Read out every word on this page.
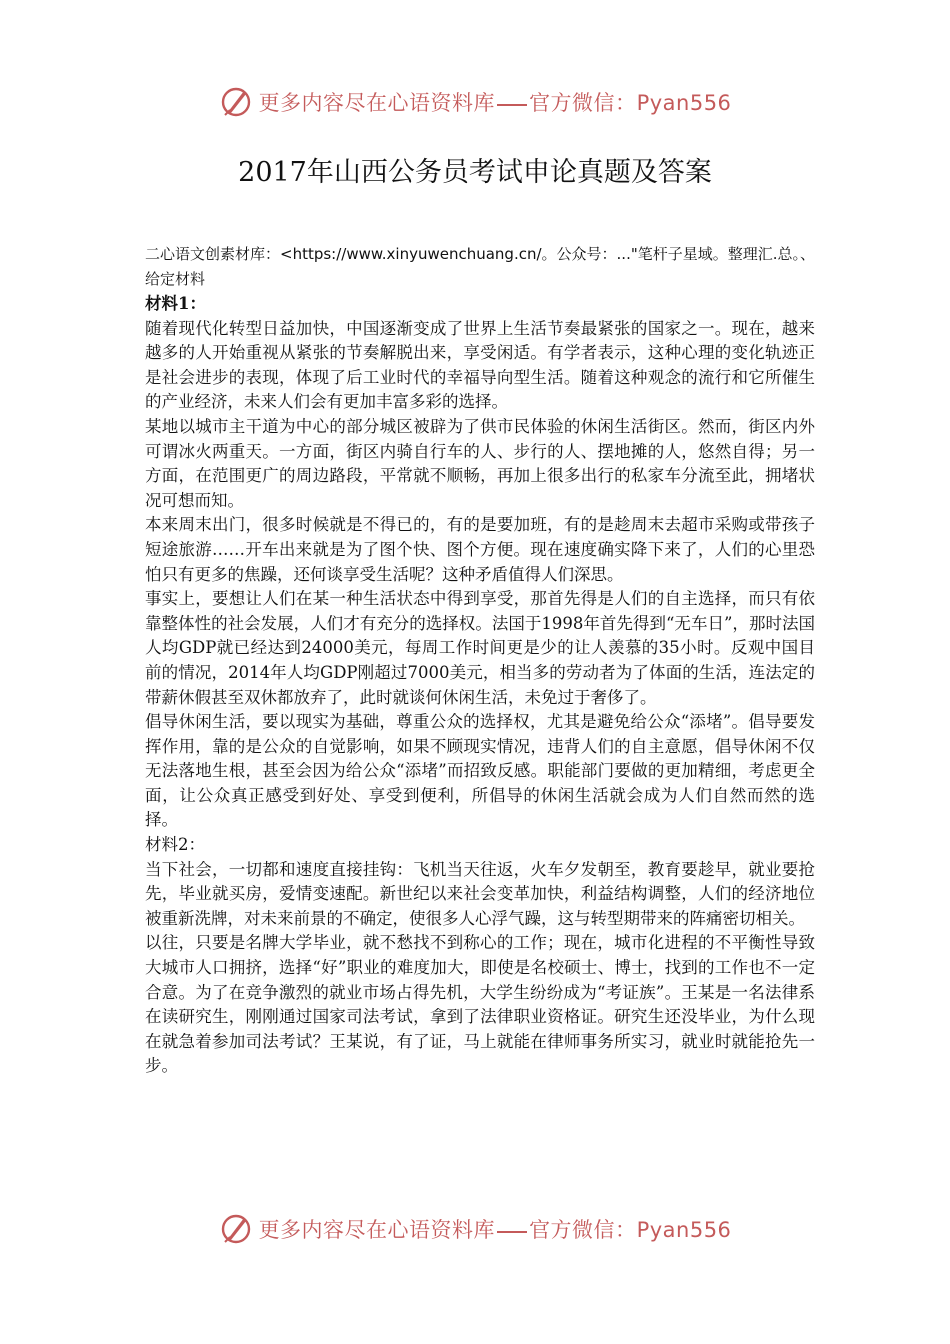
更多内容尽在心语资料库 官方微信：Pyan556
2017年山西公务员考试申论真题及答案
二心语文创素材库：<https://www.xinyuwenchuang.cn/。公众号：..."笔杆子星域。整理汇.总。、给定材料
材料1：

随着现代化转型日益加快，中国逐渐变成了世界上生活节奏最紧张的国家之一。现在，越来越多的人开始重视从紧张的节奏解脱出来，享受闲适。有学者表示，这种心理的变化轨迹正是社会进步的表现，体现了后工业时代的幸福导向型生活。随着这种观念的流行和它所催生的产业经济，未来人们会有更加丰富多彩的选择。

某地以城市主干道为中心的部分城区被辟为了供市民体验的休闲生活街区。然而，街区内外可谓冰火两重天。一方面，街区内骑自行车的人、步行的人、摆地摊的人，悠然自得；另一方面，在范围更广的周边路段，平常就不顺畅，再加上很多出行的私家车分流至此，拥堵状况可想而知。

本来周末出门，很多时候就是不得已的，有的是要加班，有的是趁周末去超市采购或带孩子短途旅游……开车出来就是为了图个快、图个方便。现在速度确实降下来了，人们的心里恐怕只有更多的焦躁，还何谈享受生活呢？这种矛盾值得人们深思。

事实上，要想让人们在某一种生活状态中得到享受，那首先得是人们的自主选择，而只有依靠整体性的社会发展，人们才有充分的选择权。法国于1998年首先得到“无车日”，那时法国人均GDP就已经达到24000美元，每周工作时间更是少的让人羡慕的35小时。反观中国目前的情况，2014年人均GDP刚超过7000美元，相当多的劳动者为了体面的生活，连法定的带薪休假甚至双休都放弃了，此时就谈何休闲生活，未免过于奢侈了。

倡导休闲生活，要以现实为基础，尊重公众的选择权，尤其是避免给公众“添堵”。倡导要发挥作用，靠的是公众的自觉影响，如果不顾现实情况，违背人们的自主意愿，倡导休闲不仅无法落地生根，甚至会因为给公众“添堵”而招致反感。职能部门要做的更加精细，考虑更全面，让公众真正感受到好处、享受到便利，所倡导的休闲生活就会成为人们自然而然的选择。

材料2：

当下社会，一切都和速度直接挂钩：飞机当天往返，火车夕发朝至，教育要趁早，就业要抢先，毕业就买房，爱情变速配。新世纪以来社会变革加快，利益结构调整，人们的经济地位被重新洗牌，对未来前景的不确定，使很多人心浮气躁，这与转型期带来的阵痛密切相关。

以往，只要是名牌大学毕业，就不愁找不到称心的工作；现在，城市化进程的不平衡性导致大城市人口拥挤，选择“好”职业的难度加大，即使是名校硕士、博士，找到的工作也不一定合意。为了在竞争激烈的就业市场占得先机，大学生纷纷成为“考证族”。王某是一名法律系在读研究生，刚刚通过国家司法考试，拿到了法律职业资格证。研究生还没毕业，为什么现在就急着参加司法考试？王某说，有了证，马上就能在律师事务所实习，就业时就能抢先一步。

更多内容尽在心语资料库 官方微信：Pyan556
